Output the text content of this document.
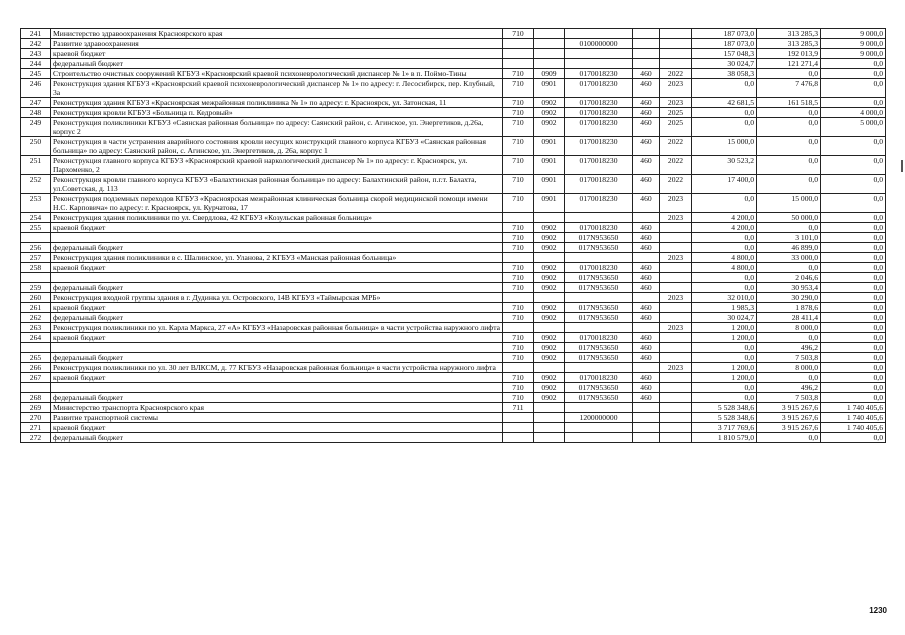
241	Министерство здравоохранения Красноярского края	710					187 073,0	313 285,3	9 000,0
242	Развитие здравоохранения			0100000000			187 073,0	313 285,3	9 000,0
243	краевой бюджет						157 048,3	192 013,9	9 000,0
244	федеральный бюджет						30 024,7	121 271,4	0,0
245	Строительство очистных сооружений КГБУЗ «Красноярский краевой психоневрологический диспансер № 1» в п. Поймо-Тины	710	0909	0170018230	460	2022	38 058,3	0,0	0,0
246	Реконструкция здания КГБУЗ «Красноярский краевой психоневрологический диспансер № 1» по адресу: г. Лесосибирск, пер. Клубный, 3а	710	0901	0170018230	460	2023	0,0	7 476,8	0,0
247	Реконструкция здания КГБУЗ «Красноярская межрайонная поликлиника № 1» по адресу: г. Красноярск, ул. Затонская, 11	710	0902	0170018230	460	2023	42 681,5	161 518,5	0,0
248	Реконструкция кровли КГБУЗ «Больница п. Кедровый»	710	0902	0170018230	460	2025	0,0	0,0	4 000,0
249	Реконструкция поликлиники КГБУЗ «Саянская районная больница» по адресу: Саянский район, с. Агинское, ул. Энергетиков, д.26а, корпус 2	710	0902	0170018230	460	2025	0,0	0,0	5 000,0
250	Реконструкция в части устранения аварийного состояния кровли несущих конструкций главного корпуса КГБУЗ «Саянская районная больница» по адресу: Саянский район, с. Агинское, ул. Энергетиков, д. 26а, корпус 1	710	0901	0170018230	460	2022	15 000,0	0,0	0,0
251	Реконструкция главного корпуса КГБУЗ «Красноярский краевой наркологический диспансер № 1» по адресу: г. Красноярск, ул. Пархоменко, 2	710	0901	0170018230	460	2022	30 523,2	0,0	0,0
252	Реконструкция кровли главного корпуса КГБУЗ «Балахтинская районная больница» по адресу: Балахтинский район, п.г.т. Балахта, ул.Советская, д. 113	710	0901	0170018230	460	2022	17 400,0	0,0	0,0
253	Реконструкция подземных переходов КГБУЗ «Красноярская межрайонная клиническая больница скорой медицинской помощи имени Н.С. Карповича» по адресу: г. Красноярск, ул. Курчатова, 17	710	0901	0170018230	460	2023	0,0	15 000,0	0,0
254	Реконструкция здания поликлиники по ул. Свердлова, 42 КГБУЗ «Козульская районная больница»					2023	4 200,0	50 000,0	0,0
255	краевой бюджет	710	0902	0170018230	460		4 200,0	0,0	0,0
		710	0902	017N953650	460		0,0	3 101,0	0,0
256	федеральный бюджет	710	0902	017N953650	460		0,0	46 899,0	0,0
257	Реконструкция здания поликлиники в с. Шалинское, ул. Уланова, 2 КГБУЗ «Манская районная больница»					2023	4 800,0	33 000,0	0,0
258	краевой бюджет	710	0902	0170018230	460		4 800,0	0,0	0,0
		710	0902	017N953650	460		0,0	2 046,6	0,0
259	федеральный бюджет	710	0902	017N953650	460		0,0	30 953,4	0,0
260	Реконструкция входной группы здания в г. Дудинка ул. Островского, 14В КГБУЗ «Таймырская МРБ»					2023	32 010,0	30 290,0	0,0
261	краевой бюджет	710	0902	017N953650	460		1 985,3	1 878,6	0,0
262	федеральный бюджет	710	0902	017N953650	460		30 024,7	28 411,4	0,0
263	Реконструкция поликлиники по ул. Карла Маркса, 27 «А» КГБУЗ «Назаровская районная больница» в части устройства наружного лифта					2023	1 200,0	8 000,0	0,0
264	краевой бюджет	710	0902	0170018230	460		1 200,0	0,0	0,0
		710	0902	017N953650	460		0,0	496,2	0,0
265	федеральный бюджет	710	0902	017N953650	460		0,0	7 503,8	0,0
266	Реконструкция поликлиники по ул. 30 лет ВЛКСМ, д. 77 КГБУЗ «Назаровская районная больница» в части устройства наружного лифта					2023	1 200,0	8 000,0	0,0
267	краевой бюджет	710	0902	0170018230	460		1 200,0	0,0	0,0
		710	0902	017N953650	460		0,0	496,2	0,0
268	федеральный бюджет	710	0902	017N953650	460		0,0	7 503,8	0,0
269	Министерство транспорта Красноярского края	711					5 528 348,6	3 915 267,6	1 740 405,6
270	Развитие транспортной системы			1200000000			5 528 348,6	3 915 267,6	1 740 405,6
271	краевой бюджет						3 717 769,6	3 915 267,6	1 740 405,6
272	федеральный бюджет						1 810 579,0	0,0	0,0
1230
